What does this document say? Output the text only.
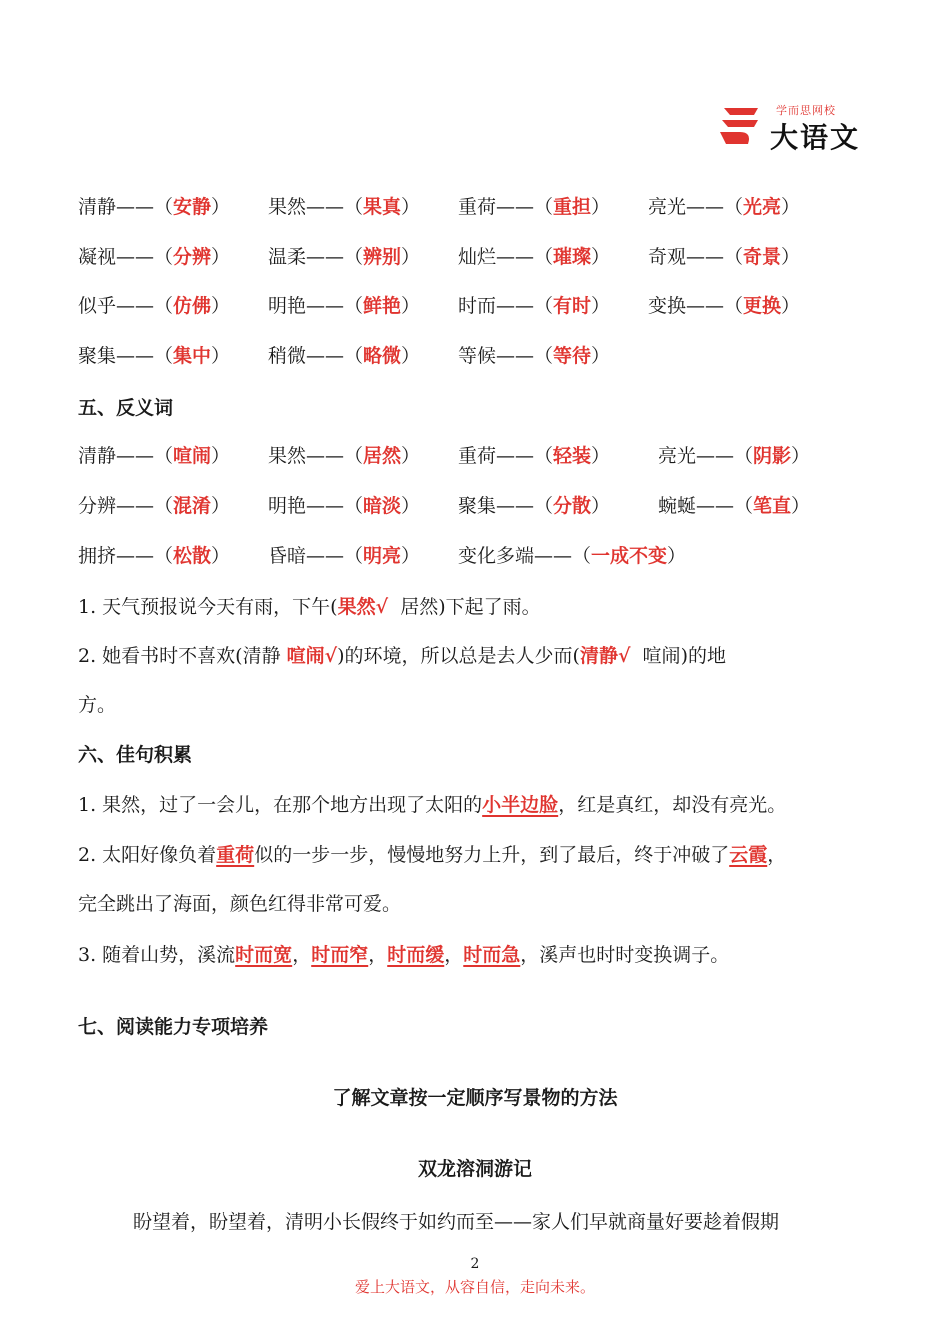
学而思网校
大语文
清静——（安静） 果然——（果真） 重荷——（重担） 亮光——（光亮）
凝视——（分辨） 温柔——（辨别） 灿烂——（璀璨） 奇观——（奇景）
似乎——（仿佛） 明艳——（鲜艳） 时而——（有时） 变换——（更换）
聚集——（集中） 稍微——（略微） 等候——（等待）
五、反义词
清静——（喧闹） 果然——（居然） 重荷——（轻装）	亮光——（阴影）
分辨——（混淆） 明艳——（暗淡） 聚集——（分散）	蜿蜒——（笔直）
拥挤——（松散） 昏暗——（明亮） 变化多端——（一成不变）
1. 天气预报说今天有雨，下午(果然√ 居然)下起了雨。
2. 她看书时不喜欢(清静 喧闹√)的环境，所以总是去人少而(清静√ 喧闹)的地
方。
六、佳句积累
1. 果然，过了一会儿，在那个地方出现了太阳的小半边脸，红是真红，却没有亮光。
2. 太阳好像负着重荷似的一步一步，慢慢地努力上升，到了最后，终于冲破了云霞，
完全跳出了海面，颜色红得非常可爱。
3. 随着山势，溪流时而宽，时而窄，时而缓，时而急，溪声也时时变换调子。
七、阅读能力专项培养
了解文章按一定顺序写景物的方法
双龙溶洞游记
盼望着，盼望着，清明小长假终于如约而至——家人们早就商量好要趁着假期
2
爱上大语文，从容自信，走向未来。
